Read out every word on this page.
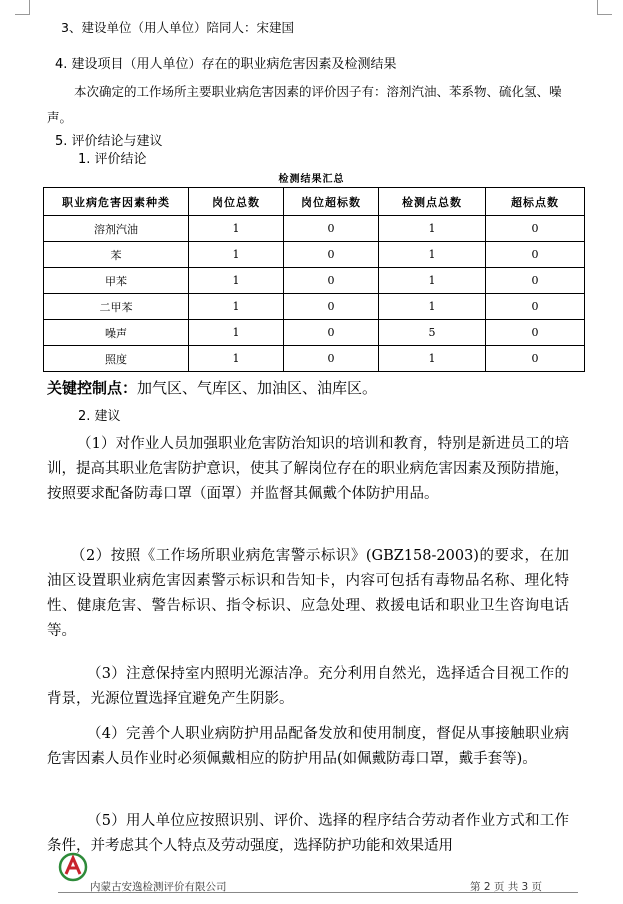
3、建设单位（用人单位）陪同人：宋建国
4. 建设项目（用人单位）存在的职业病危害因素及检测结果
本次确定的工作场所主要职业病危害因素的评价因子有：溶剂汽油、苯系物、硫化氢、噪
声。
5. 评价结论与建议
1. 评价结论
检测结果汇总
职业病危害因素种类	岗位总数	岗位超标数	检测点总数	超标点数
溶剂汽油	1	0	1	0
苯	1	0	1	0
甲苯	1	0	1	0
二甲苯	1	0	1	0
噪声	1	0	5	0
照度	1	0	1	0
关键控制点：加气区、气库区、加油区、油库区。
2. 建议

（1）对作业人员加强职业危害防治知识的培训和教育，特别是新进员工的培训，提高其职业危害防护意识，使其了解岗位存在的职业病危害因素及预防措施，按照要求配备防毒口罩（面罩）并监督其佩戴个体防护用品。

（2）按照《工作场所职业病危害警示标识》(GBZ158-2003)的要求，在加油区设置职业病危害因素警示标识和告知卡，内容可包括有毒物品名称、理化特性、健康危害、警告标识、指令标识、应急处理、救援电话和职业卫生咨询电话等。

（3）注意保持室内照明光源洁净。充分利用自然光，选择适合目视工作的背景，光源位置选择宜避免产生阴影。

（4）完善个人职业病防护用品配备发放和使用制度，督促从事接触职业病危害因素人员作业时必须佩戴相应的防护用品(如佩戴防毒口罩，戴手套等)。

（5）用人单位应按照识别、评价、选择的程序结合劳动者作业方式和工作条件，并考虑其个人特点及劳动强度，选择防护功能和效果适用

内蒙古安逸检测评价有限公司	第 2 页 共 3 页
